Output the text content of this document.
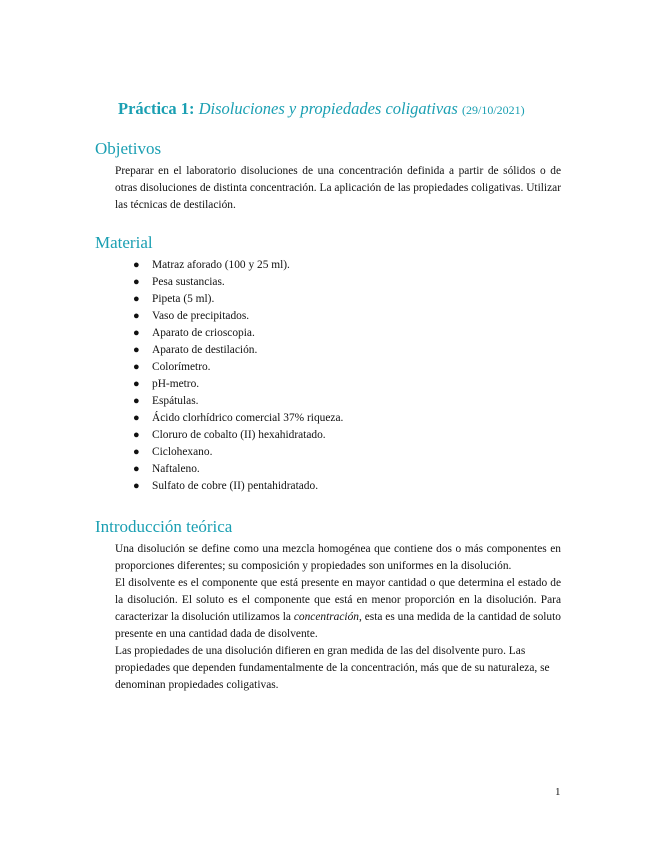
Práctica 1: Disoluciones y propiedades coligativas (29/10/2021)
Objetivos

Preparar en el laboratorio disoluciones de una concentración definida a partir de sólidos o de otras disoluciones de distinta concentración. La aplicación de las propiedades coligativas. Utilizar las técnicas de destilación.

Material
● Matraz aforado (100 y 25 ml).
● Pesa sustancias.
● Pipeta (5 ml).
● Vaso de precipitados.
● Aparato de crioscopia.
● Aparato de destilación.
● Colorímetro.
● pH-metro.
● Espátulas.
● Ácido clorhídrico comercial 37% riqueza.
● Cloruro de cobalto (II) hexahidratado.
● Ciclohexano.
● Naftaleno.
● Sulfato de cobre (II) pentahidratado.
Introducción teórica

Una disolución se define como una mezcla homogénea que contiene dos o más componentes en proporciones diferentes; su composición y propiedades son uniformes en la disolución.

El disolvente es el componente que está presente en mayor cantidad o que determina el estado de la disolución. El soluto es el componente que está en menor proporción en la disolución. Para caracterizar la disolución utilizamos la concentración, esta es una medida de la cantidad de soluto presente en una cantidad dada de disolvente.

Las propiedades de una disolución difieren en gran medida de las del disolvente puro. Las propiedades que dependen fundamentalmente de la concentración, más que de su naturaleza, se denominan propiedades coligativas.

1
